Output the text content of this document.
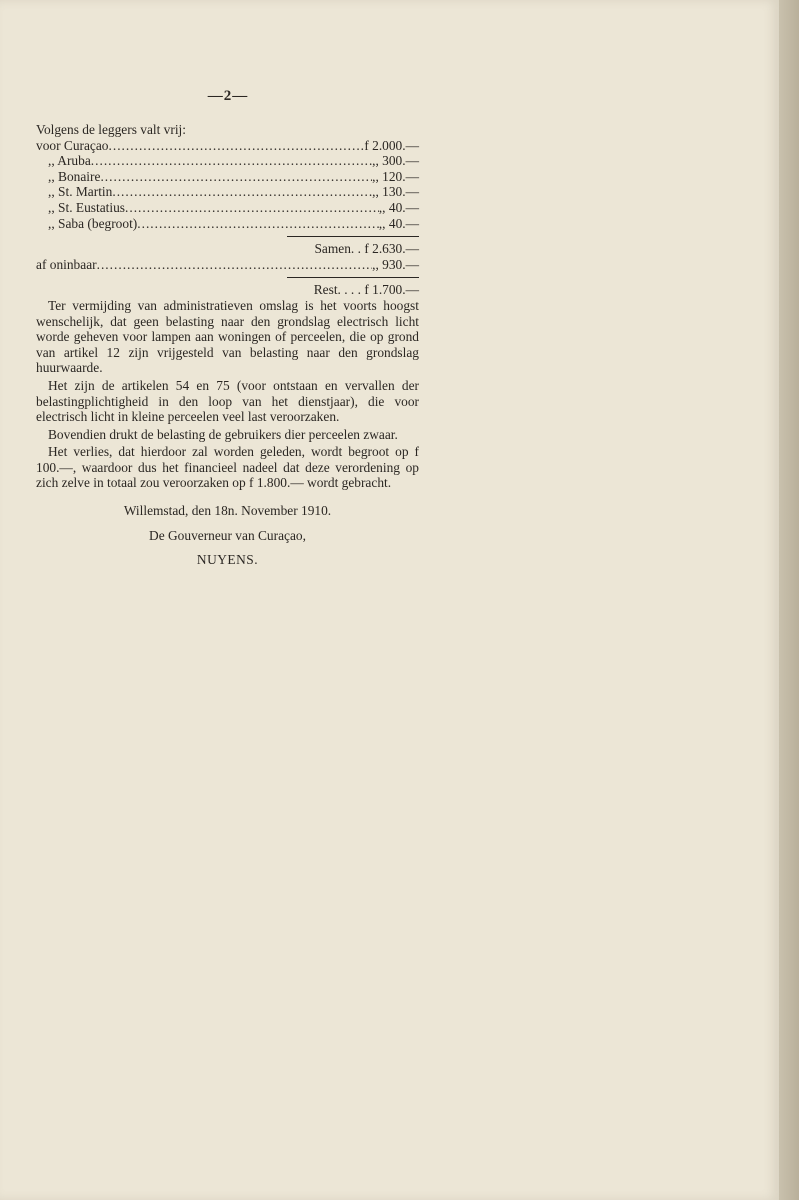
—2—
Volgens de leggers valt vrij:
voor Curaçao .....	f 2.000.—
,, Aruba .....	,, 300.—
,, Bonaire .....	,, 120.—
,, St. Martin .....	,, 130.—
,, St. Eustatius .....	,, 40.—
,, Saba (begroot) .....	,, 40.—
Samen. . f 2.630.—
af oninbaar .....	,, 930.—
Rest. . . . f 1.700.—

Ter vermijding van administratieven omslag is het voorts hoogst wenschelijk, dat geen belasting naar den grondslag electrisch licht worde geheven voor lampen aan woningen of perceelen, die op grond van artikel 12 zijn vrijgesteld van belasting naar den grondslag huurwaarde.

Het zijn de artikelen 54 en 75 (voor ontstaan en vervallen der belastingplichtigheid in den loop van het dienstjaar), die voor electrisch licht in kleine perceelen veel last veroorzaken.

Bovendien drukt de belasting de gebruikers dier perceelen zwaar.

Het verlies, dat hierdoor zal worden geleden, wordt begroot op f 100.—, waardoor dus het financieel nadeel dat deze verordening op zich zelve in totaal zou veroorzaken op f 1.800.— wordt gebracht.

Willemstad, den 18n. November 1910.
De Gouverneur van Curaçao,
NUYENS.
